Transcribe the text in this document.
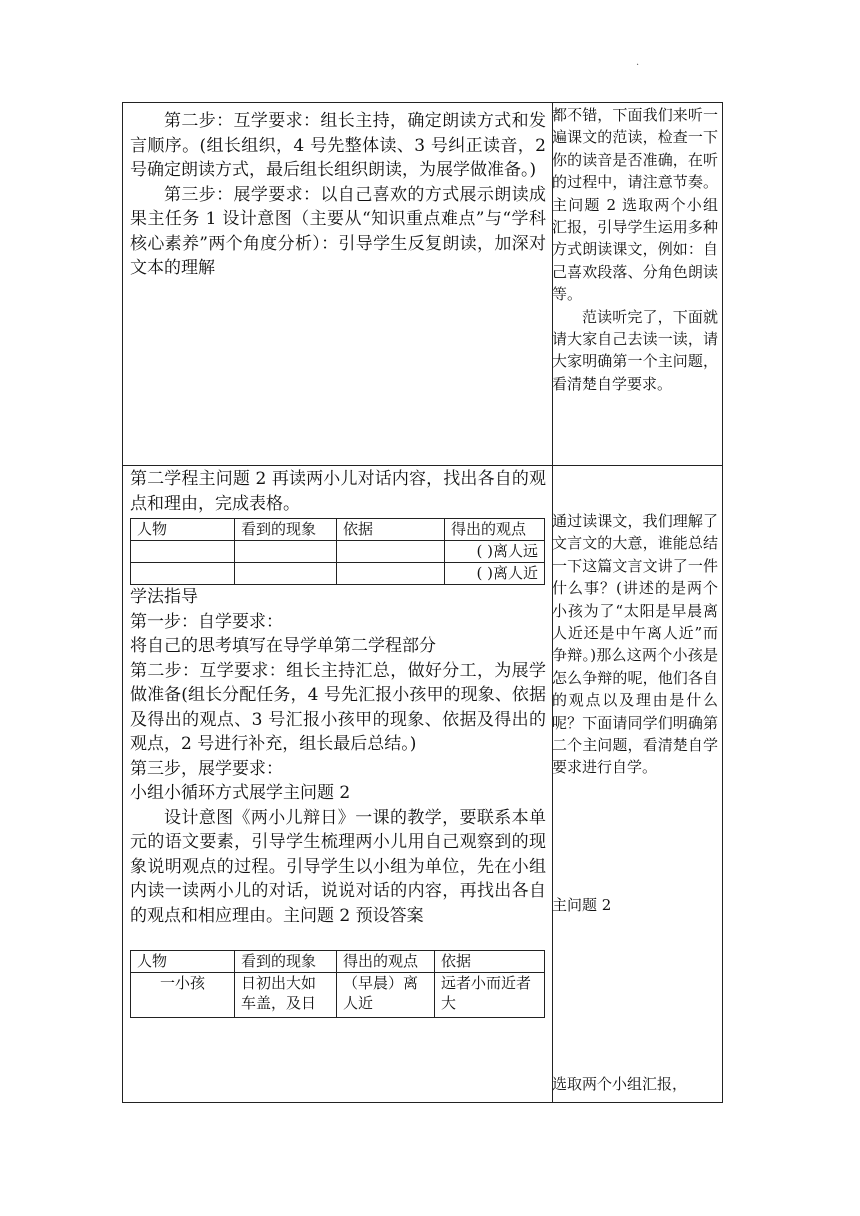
·

第二步：互学要求：组长主持，确定朗读方式和发言顺序。(组长组织，4 号先整体读、3 号纠正读音，2 号确定朗读方式，最后组长组织朗读，为展学做准备。)

第三步：展学要求：以自己喜欢的方式展示朗读成果主任务 1 设计意图（主要从“知识重点难点”与“学科核心素养”两个角度分析）：引导学生反复朗读，加深对文本的理解

第二学程主问题 2 再读两小儿对话内容，找出各自的观点和理由，完成表格。

人物	看到的现象	依据	得出的观点
			( )离人远
			( )离人近

学法指导

第一步：自学要求：

将自己的思考填写在导学单第二学程部分

第二步：互学要求：组长主持汇总，做好分工，为展学做准备(组长分配任务，4 号先汇报小孩甲的现象、依据及得出的观点、3 号汇报小孩甲的现象、依据及得出的观点，2 号进行补充，组长最后总结。)

第三步，展学要求：

小组小循环方式展学主问题 2

设计意图《两小儿辩日》一课的教学，要联系本单元的语文要素，引导学生梳理两小儿用自己观察到的现象说明观点的过程。引导学生以小组为单位，先在小组内读一读两小儿的对话，说说对话的内容，再找出各自的观点和相应理由。主问题 2 预设答案

人物	看到的现象	得出的观点	依据
一小孩	日初出大如车盖，及日	（早晨）离人近	远者小而近者大

都不错，下面我们来听一遍课文的范读，检查一下你的读音是否准确，在听的过程中，请注意节奏。主问题 2 选取两个小组汇报，引导学生运用多种方式朗读课文，例如：自己喜欢段落、分角色朗读等。

范读听完了，下面就请大家自己去读一读，请大家明确第一个主问题，看清楚自学要求。

通过读课文，我们理解了文言文的大意，谁能总结一下这篇文言文讲了一件什么事？(讲述的是两个小孩为了“太阳是早晨离人近还是中午离人近”而争辩。)那么这两个小孩是怎么争辩的呢，他们各自的观点以及理由是什么呢？下面请同学们明确第二个主问题，看清楚自学要求进行自学。

主问题 2

选取两个小组汇报，
